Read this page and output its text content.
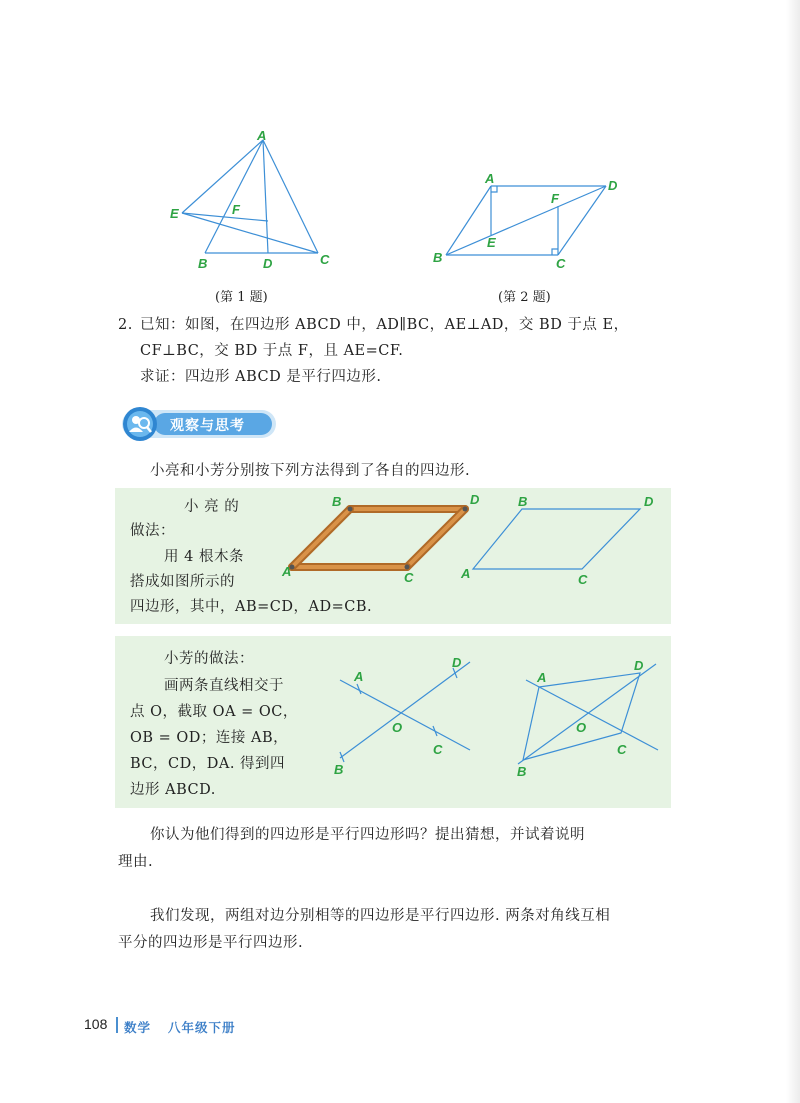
A
E	F
B	D	C
(第 1 题)
A	D
F
E
B	C
(第 2 题)
2. 已知：如图，在四边形 ABCD 中，AD∥BC，AE⊥AD，交 BD 于点 E，
CF⊥BC，交 BD 于点 F，且 AE=CF.
求证：四边形 ABCD 是平行四边形.
观察与思考
小亮和小芳分别按下列方法得到了各自的四边形.
小 亮 的
做法：
用 4 根木条
搭成如图所示的
四边形，其中，AB=CD，AD=CB.
B	D
A	C
B	D
A	C
小芳的做法：
画两条直线相交于
点 O，截取 OA = OC，
OB = OD；连接 AB，
BC，CD，DA. 得到四
边形 ABCD.
A
D
O
B
C
A
D
O
B
C
你认为他们得到的四边形是平行四边形吗？提出猜想，并试着说明
理由.
我们发现，两组对边分别相等的四边形是平行四边形. 两条对角线互相
平分的四边形是平行四边形.
108 数学 八年级下册
